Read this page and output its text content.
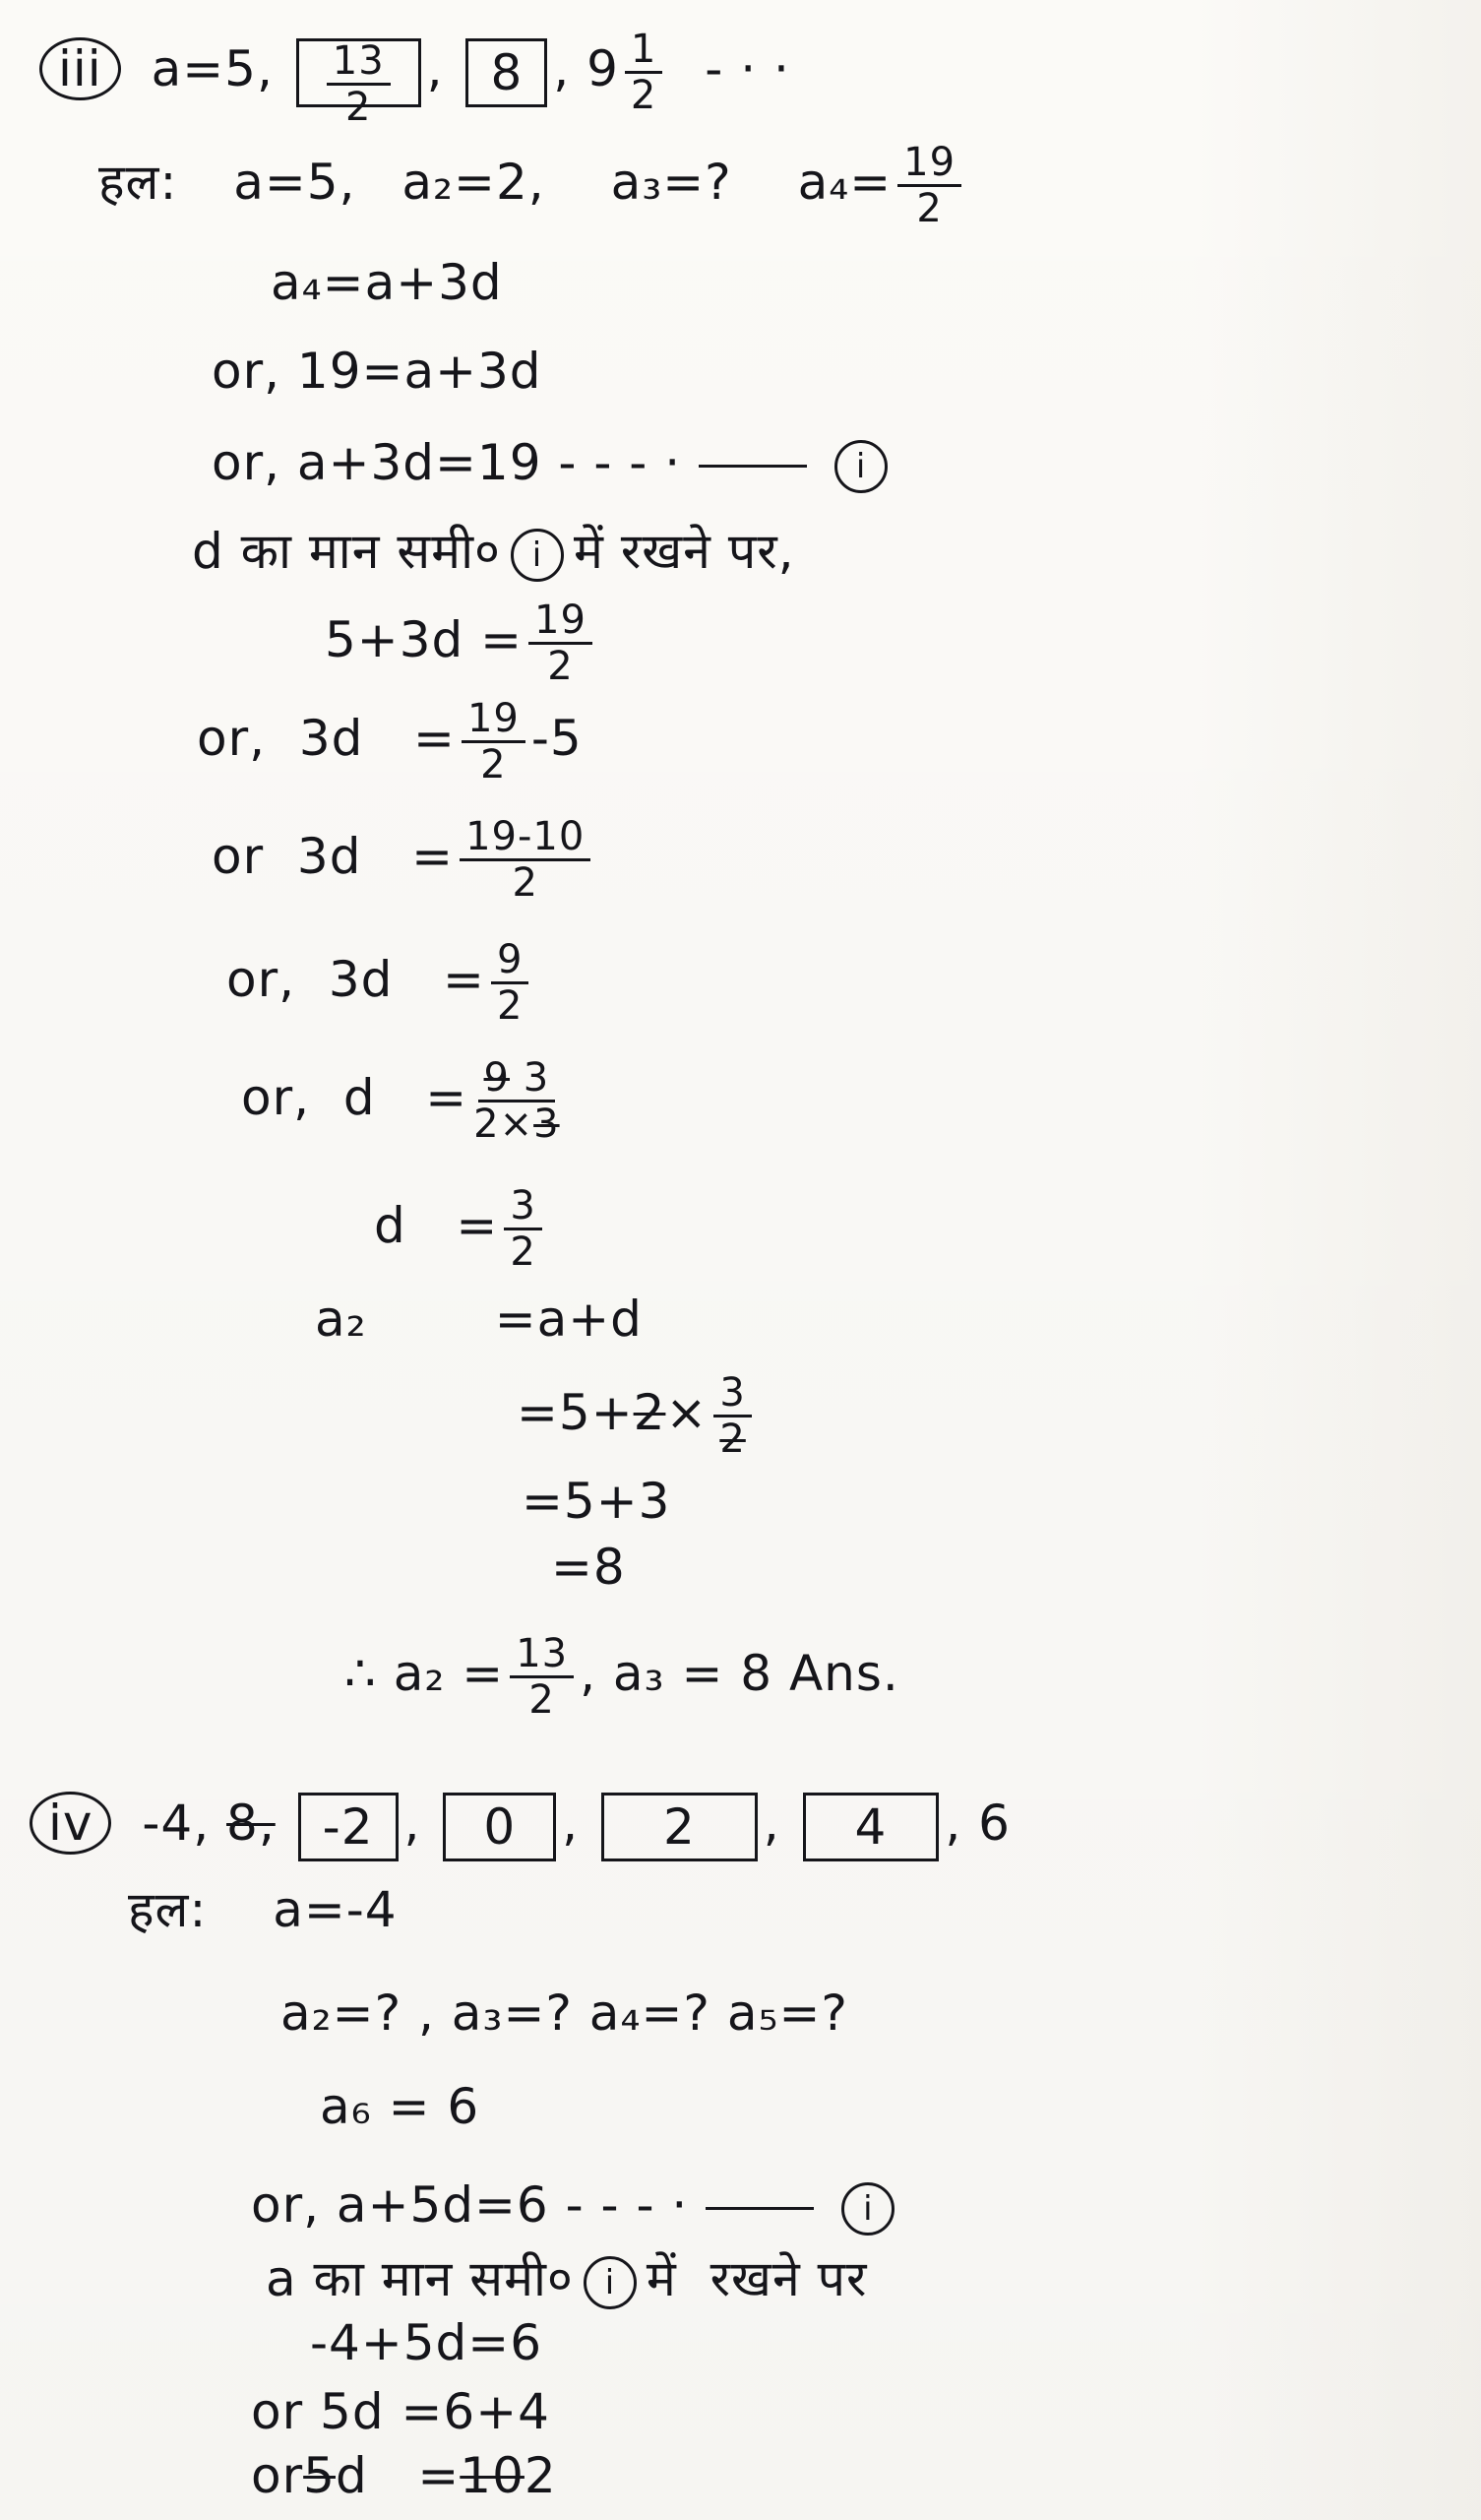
iii a=5, $\frac{13}{2}$ , 8 , $9 \frac{1}{2}$ - · ·
हल: a=5, a₂=2, a₃=? $a_4= \frac{19}{2}$
a₄=a+3d
or, 19=a+3d
or, a+3d=19 - - - ·	i
d का मान समी० i में रखने पर,
$5+3d = \frac{19}{2}$
or,  $3d = \frac{19}{2} -5$
or  $3d = \frac{19-10}{2}$
or,  $3d = \frac{9}{2}$
or,  $d = \frac{9 3}{2\times 3}$
$d = \frac{3}{2}$
a₂	=a+d
$=5+2\times \frac{3}{2}$
=5+3
=8
∴ $a_2 = \frac{13}{2}$ , a₃ = 8 Ans.
iv -4, 8, -2 , 0 , 2 , 4 , 6
हल: a=-4
a₂=? , a₃=? a₄=? a₅=?
a₆ = 6
or, a+5d=6 - - - ·	i
a का मान समी० i में  रखने पर
-4+5d=6
or 5d =6+4
or5d   =102
